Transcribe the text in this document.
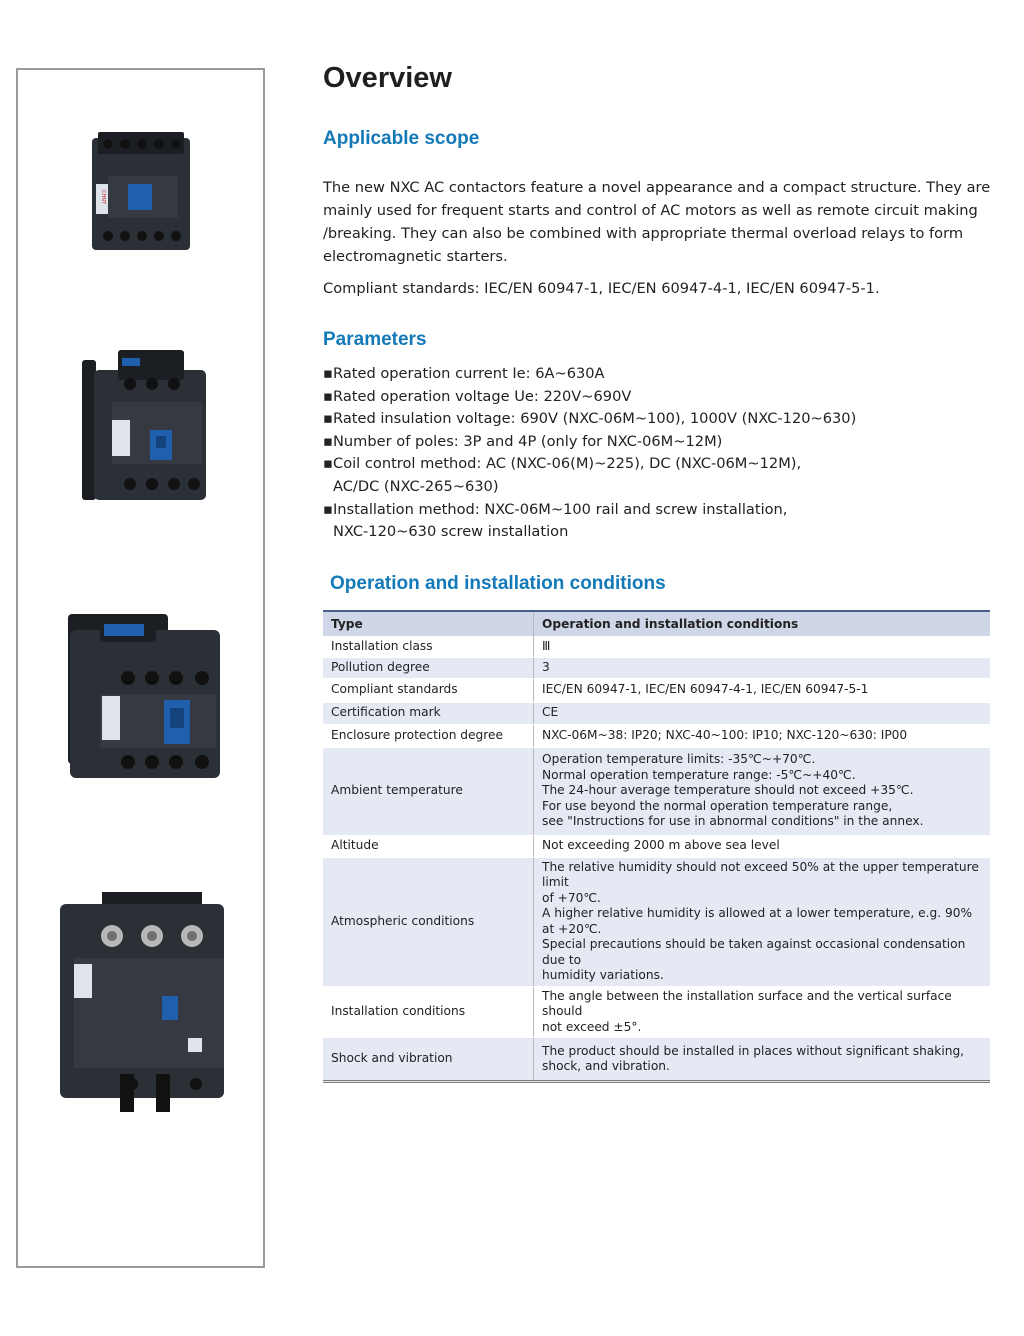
CHNT
Overview
Applicable scope

The new NXC AC contactors feature a novel appearance and a compact structure. They are mainly used for frequent starts and control of AC motors as well as remote circuit making /breaking. They can also be combined with appropriate thermal overload relays to form electromagnetic starters.

Compliant standards: IEC/EN 60947-1, IEC/EN 60947-4-1, IEC/EN 60947-5-1.

Parameters
▪Rated operation current Ie: 6A~630A
▪Rated operation voltage Ue: 220V~690V
▪Rated insulation voltage: 690V (NXC-06M~100), 1000V (NXC-120~630)
▪Number of poles: 3P and 4P (only for NXC-06M~12M)
▪Coil control method: AC (NXC-06(M)~225), DC (NXC-06M~12M), AC/DC (NXC-265~630)
▪Installation method: NXC-06M~100 rail and screw installation, NXC-120~630 screw installation
Operation and installation conditions
Type	Operation and installation conditions
Installation class	Ⅲ
Pollution degree	3
Compliant standards	IEC/EN 60947-1, IEC/EN 60947-4-1, IEC/EN 60947-5-1
Certification mark	CE
Enclosure protection degree	NXC-06M~38: IP20; NXC-40~100: IP10; NXC-120~630: IP00
Ambient temperature	Operation temperature limits: -35℃~+70℃.
Normal operation temperature range: -5℃~+40℃.
The 24-hour average temperature should not exceed +35℃.
For use beyond the normal operation temperature range,
see "Instructions for use in abnormal conditions" in the annex.

Altitude	Not exceeding 2000 m above sea level
Atmospheric conditions	The relative humidity should not exceed 50% at the upper temperature limit
of +70℃.
A higher relative humidity is allowed at a lower temperature, e.g. 90% at +20℃.
Special precautions should be taken against occasional condensation due to
humidity variations.

Installation conditions	The angle between the installation surface and the vertical surface should
not exceed ±5°.

Shock and vibration	The product should be installed in places without significant shaking,
shock, and vibration.
